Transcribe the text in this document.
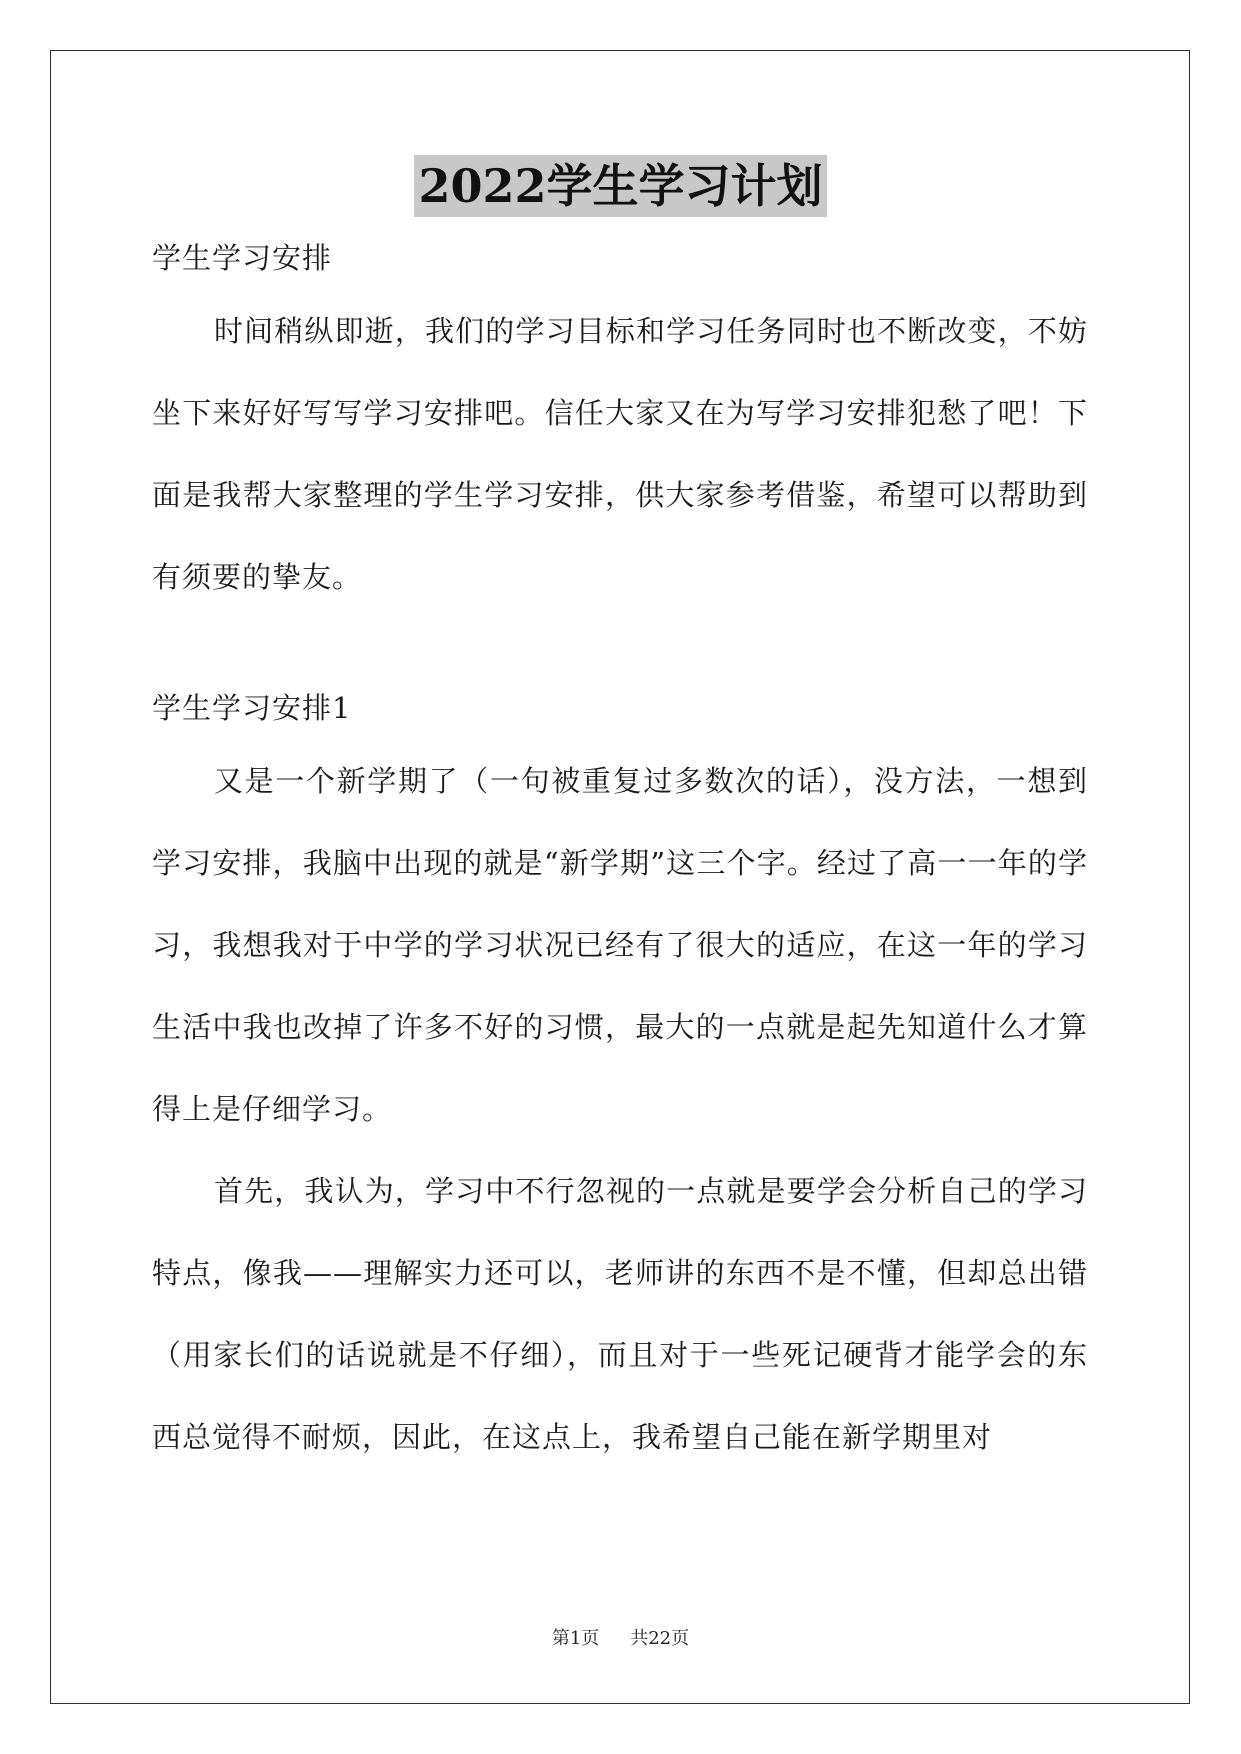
2022学生学习计划
学生学习安排

时间稍纵即逝，我们的学习目标和学习任务同时也不断改变，不妨坐下来好好写写学习安排吧。信任大家又在为写学习安排犯愁了吧！下面是我帮大家整理的学生学习安排，供大家参考借鉴，希望可以帮助到有须要的挚友。

学生学习安排1

又是一个新学期了（一句被重复过多数次的话），没方法，一想到学习安排，我脑中出现的就是“新学期”这三个字。经过了高一一年的学习，我想我对于中学的学习状况已经有了很大的适应，在这一年的学习生活中我也改掉了许多不好的习惯，最大的一点就是起先知道什么才算得上是仔细学习。

首先，我认为，学习中不行忽视的一点就是要学会分析自己的学习特点，像我——理解实力还可以，老师讲的东西不是不懂，但却总出错（用家长们的话说就是不仔细），而且对于一些死记硬背才能学会的东西总觉得不耐烦，因此，在这点上，我希望自己能在新学期里对

第1页 共22页
